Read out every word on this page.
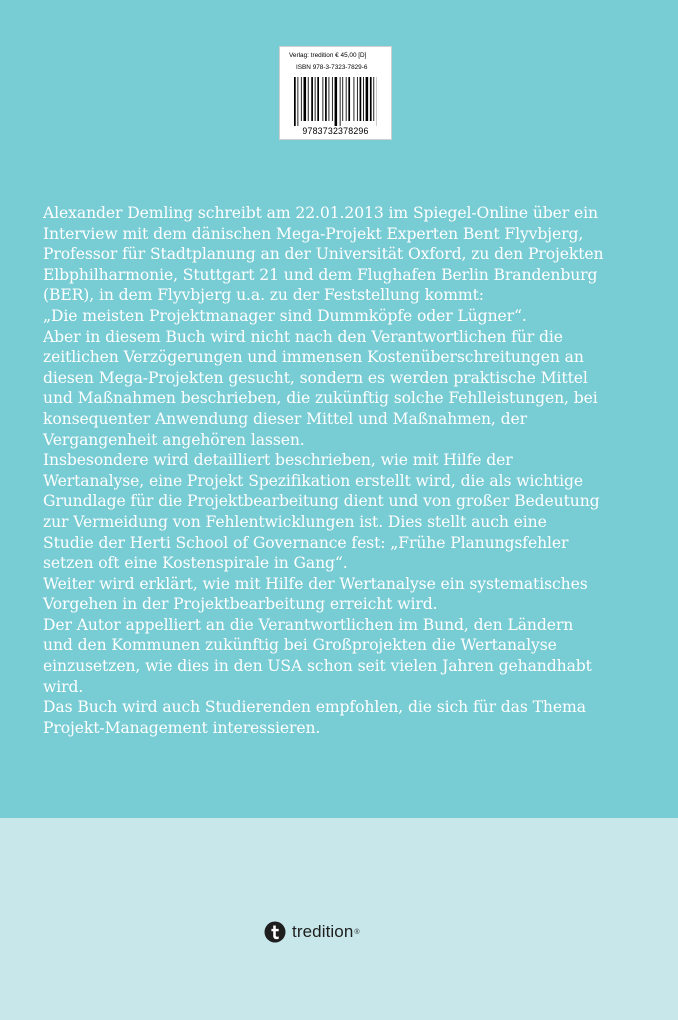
Verlag: tredition € 45,00 [D]
ISBN 978-3-7323-7829-6
9783732378296
Alexander Demling schreibt am 22.01.2013 im Spiegel-Online über ein
Interview mit dem dänischen Mega-Projekt Experten Bent Flyvbjerg,
Professor für Stadtplanung an der Universität Oxford, zu den Projekten
Elbphilharmonie, Stuttgart 21 und dem Flughafen Berlin Brandenburg
(BER), in dem Flyvbjerg u.a. zu der Feststellung kommt:
„Die meisten Projektmanager sind Dummköpfe oder Lügner“.
Aber in diesem Buch wird nicht nach den Verantwortlichen für die
zeitlichen Verzögerungen und immensen Kostenüberschreitungen an
diesen Mega-Projekten gesucht, sondern es werden praktische Mittel
und Maßnahmen beschrieben, die zukünftig solche Fehlleistungen, bei
konsequenter Anwendung dieser Mittel und Maßnahmen, der
Vergangenheit angehören lassen.
Insbesondere wird detailliert beschrieben, wie mit Hilfe der
Wertanalyse, eine Projekt Spezifikation erstellt wird, die als wichtige
Grundlage für die Projektbearbeitung dient und von großer Bedeutung
zur Vermeidung von Fehlentwicklungen ist. Dies stellt auch eine
Studie der Herti School of Governance fest: „Frühe Planungsfehler
setzen oft eine Kostenspirale in Gang“.
Weiter wird erklärt, wie mit Hilfe der Wertanalyse ein systematisches
Vorgehen in der Projektbearbeitung erreicht wird.
Der Autor appelliert an die Verantwortlichen im Bund, den Ländern
und den Kommunen zukünftig bei Großprojekten die Wertanalyse
einzusetzen, wie dies in den USA schon seit vielen Jahren gehandhabt
wird.
Das Buch wird auch Studierenden empfohlen, die sich für das Thema
Projekt-Management interessieren.
tredition ®
